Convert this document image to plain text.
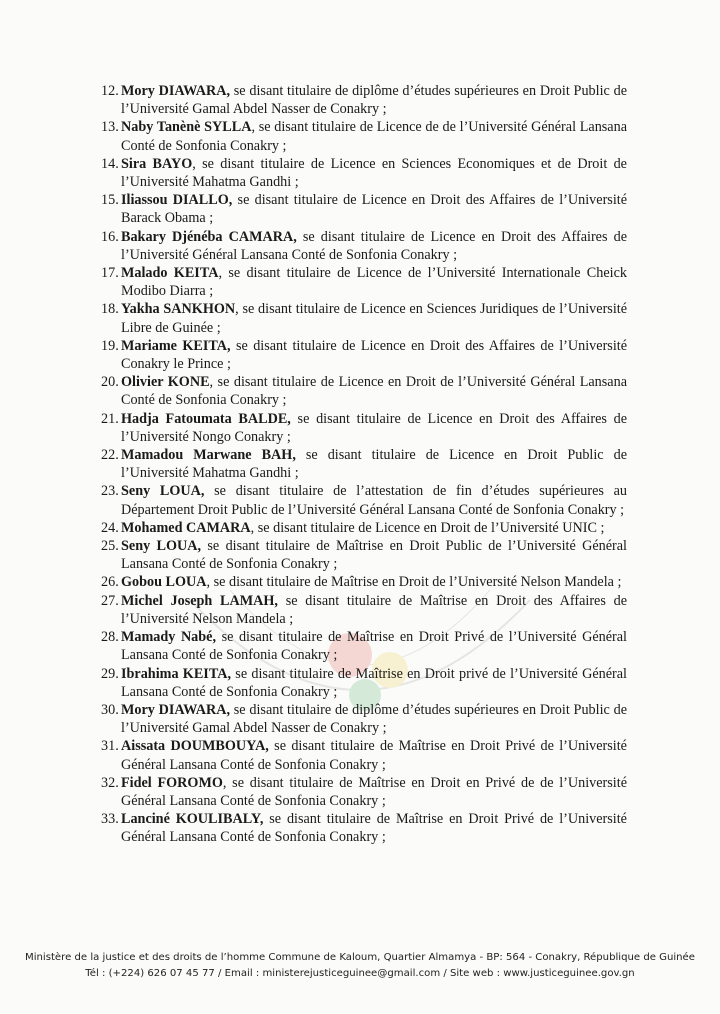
12. Mory DIAWARA, se disant titulaire de diplôme d’études supérieures en Droit Public de l’Université Gamal Abdel Nasser de Conakry ;
13. Naby Tanènè SYLLA, se disant titulaire de Licence de de l’Université Général Lansana Conté de Sonfonia Conakry ;
14. Sira BAYO, se disant titulaire de Licence en Sciences Economiques et de Droit de l’Université Mahatma Gandhi ;
15. Iliassou DIALLO, se disant titulaire de Licence en Droit des Affaires de l’Université Barack Obama ;
16. Bakary Djénéba CAMARA, se disant titulaire de Licence en Droit des Affaires de l’Université Général Lansana Conté de Sonfonia Conakry ;
17. Malado KEITA, se disant titulaire de Licence de l’Université Internationale Cheick Modibo Diarra ;
18. Yakha SANKHON, se disant titulaire de Licence en Sciences Juridiques de l’Université Libre de Guinée ;
19. Mariame KEITA, se disant titulaire de Licence en Droit des Affaires de l’Université Conakry le Prince ;
20. Olivier KONE, se disant titulaire de Licence en Droit de l’Université Général Lansana Conté de Sonfonia Conakry ;
21. Hadja Fatoumata BALDE, se disant titulaire de Licence en Droit des Affaires de l’Université Nongo Conakry ;
22. Mamadou Marwane BAH, se disant titulaire de Licence en Droit Public de l’Université Mahatma Gandhi ;
23. Seny LOUA, se disant titulaire de l’attestation de fin d’études supérieures au Département Droit Public de l’Université Général Lansana Conté de Sonfonia Conakry ;
24. Mohamed CAMARA, se disant titulaire de Licence en Droit de l’Université UNIC ;
25. Seny LOUA, se disant titulaire de Maîtrise en Droit Public de l’Université Général Lansana Conté de Sonfonia Conakry ;
26. Gobou LOUA, se disant titulaire de Maîtrise en Droit de l’Université Nelson Mandela ;
27. Michel Joseph LAMAH, se disant titulaire de Maîtrise en Droit des Affaires de l’Université Nelson Mandela ;
28. Mamady Nabé, se disant titulaire de Maîtrise en Droit Privé de l’Université Général Lansana Conté de Sonfonia Conakry ;
29. Ibrahima KEITA, se disant titulaire de Maîtrise en Droit privé de l’Université Général Lansana Conté de Sonfonia Conakry ;
30. Mory DIAWARA, se disant titulaire de diplôme d’études supérieures en Droit Public de l’Université Gamal Abdel Nasser de Conakry ;
31. Aissata DOUMBOUYA, se disant titulaire de Maîtrise en Droit Privé de l’Université Général Lansana Conté de Sonfonia Conakry ;
32. Fidel FOROMO, se disant titulaire de Maîtrise en Droit en Privé de de l’Université Général Lansana Conté de Sonfonia Conakry ;
33. Lanciné KOULIBALY, se disant titulaire de Maîtrise en Droit Privé de l’Université Général Lansana Conté de Sonfonia Conakry ;
Ministère de la justice et des droits de l’homme Commune de Kaloum, Quartier Almamya - BP: 564 - Conakry, République de Guinée
Tél : (+224) 626 07 45 77 / Email : ministerejusticeguinee@gmail.com / Site web : www.justiceguinee.gov.gn
